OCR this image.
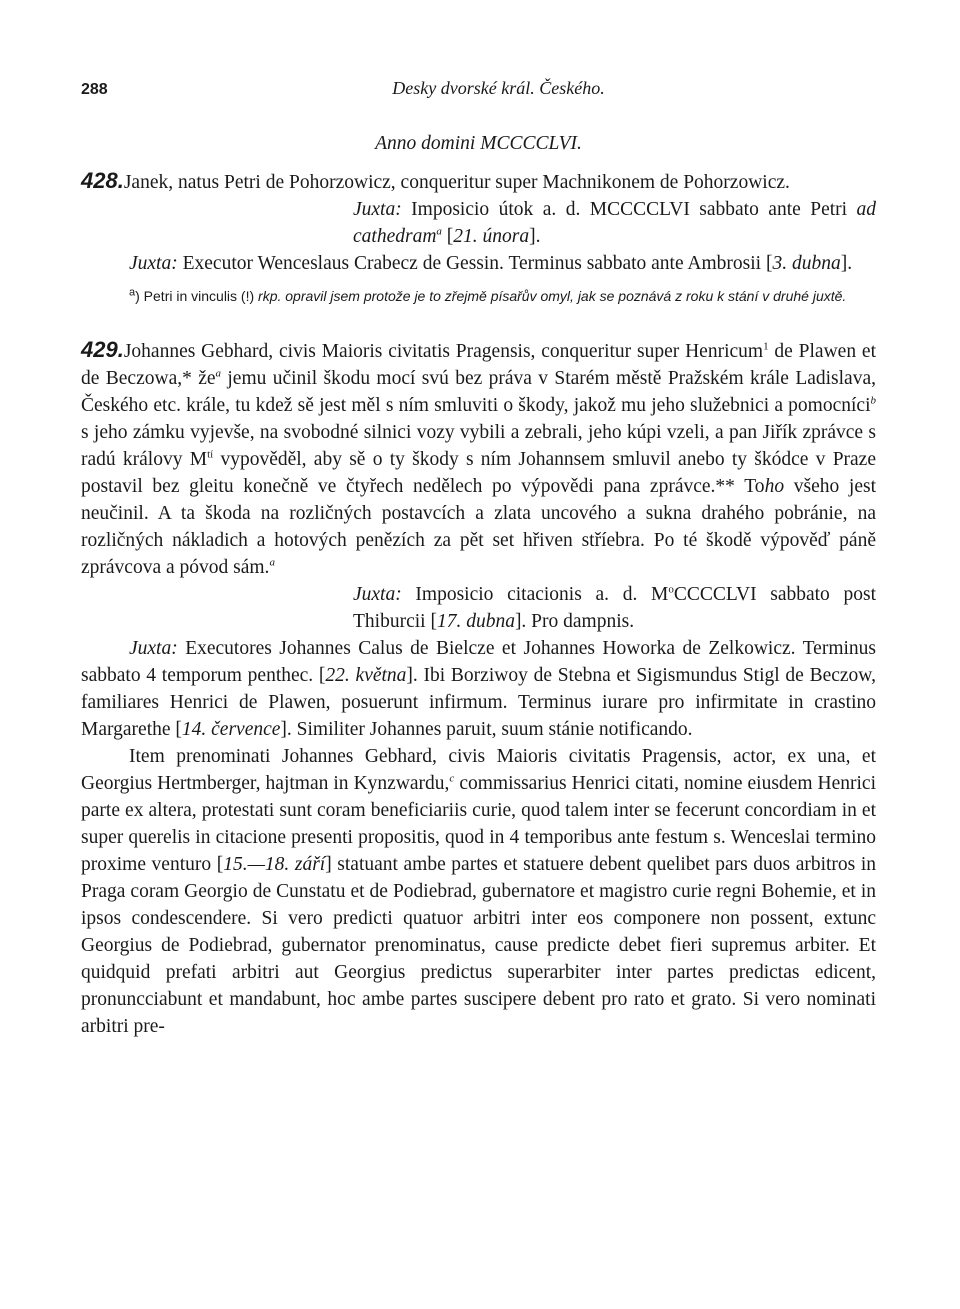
288	Desky dvorské král. Českého.
Anno domini MCCCCLVI.

428.Janek, natus Petri de Pohorzowicz, conqueritur super Machnikonem de Pohorzowicz.

Juxta: Imposicio útok a. d. MCCCCLVI sabbato ante Petri ad cathedram$^a$ [21. února].

Juxta: Executor Wenceslaus Crabecz de Gessin. Terminus sabbato ante Ambrosii [3. dubna].

$^a$) Petri in vinculis (!) rkp. opravil jsem protože je to zřejmě písařův omyl, jak se poznává z roku k stání v druhé juxtě.

429.Johannes Gebhard, civis Maioris civitatis Pragensis, conqueritur super Henricum$^1$ de Plawen et de Beczowa,* $že^a$ jemu učinil škodu mocí svú bez práva v Starém městě Pražském krále Ladislava, Českého etc. krále, tu kdež sě jest měl s ním smluviti o škody, jakož mu jeho služebnici a pomocníci$^b$ s jeho zámku vyjevše, na svobodné silnici vozy vybili a zebrali, jeho kúpi vzeli, a pan Jiřík zprávce s radú královy $M^{tí}$ vypověděl, aby sě o ty škody s ním Johannsem smluvil anebo ty škódce v Praze postavil bez gleitu konečně ve čtyřech nedělech po výpovědi pana zprávce.** Toho všeho jest neučinil. A ta škoda na rozličných postavcích a zlata uncového a sukna drahého pobránie, na rozličných nákladich a hotových penězích za pět set hřiven stříebra. Po té škodě výpověď páně zprávcova a póvod sám.$^a$

Juxta: Imposicio citacionis a. d. $M^oCCCCLVI$ sabbato post Thiburcii [17. dubna]. Pro dampnis.

Juxta: Executores Johannes Calus de Bielcze et Johannes Howorka de Zelkowicz. Terminus sabbato 4 temporum penthec. [22. května]. Ibi Borziwoy de Stebna et Sigismundus Stigl de Beczow, familiares Henrici de Plawen, posuerunt infirmum. Terminus iurare pro infirmitate in crastino Margarethe [14. července]. Similiter Johannes paruit, suum stánie notificando.

Item prenominati Johannes Gebhard, civis Maioris civitatis Pragensis, actor, ex una, et Georgius Hertmberger, hajtman in Kynzwardu,$^c$ commissarius Henrici citati, nomine eiusdem Henrici parte ex altera, protestati sunt coram beneficiariis curie, quod talem inter se fecerunt concordiam in et super querelis in citacione presenti propositis, quod in 4 temporibus ante festum s. Wenceslai termino proxime venturo [15.—18. září] statuant ambe partes et statuere debent quelibet pars duos arbitros in Praga coram Georgio de Cunstatu et de Podiebrad, gubernatore et magistro curie regni Bohemie, et in ipsos condescendere. Si vero predicti quatuor arbitri inter eos componere non possent, extunc Georgius de Podiebrad, gubernator prenominatus, cause predicte debet fieri supremus arbiter. Et quidquid prefati arbitri aut Georgius predictus superarbiter inter partes predictas edicent, pronuncciabunt et mandabunt, hoc ambe partes suscipere debent pro rato et grato. Si vero nominati arbitri pre-
